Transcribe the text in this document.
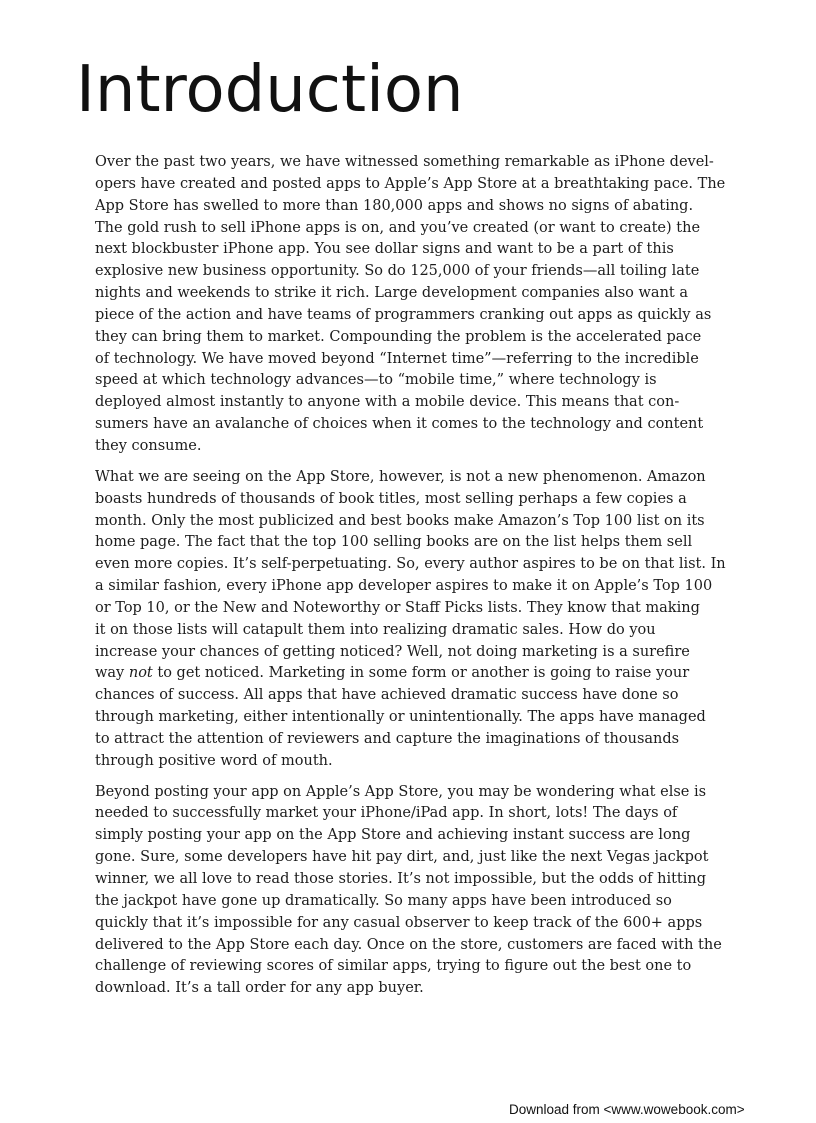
Introduction

Over the past two years, we have witnessed something remarkable as iPhone devel-
opers have created and posted apps to Apple’s App Store at a breathtaking pace. The
App Store has swelled to more than 180,000 apps and shows no signs of abating.
The gold rush to sell iPhone apps is on, and you’ve created (or want to create) the
next blockbuster iPhone app. You see dollar signs and want to be a part of this
explosive new business opportunity. So do 125,000 of your friends—all toiling late
nights and weekends to strike it rich. Large development companies also want a
piece of the action and have teams of programmers cranking out apps as quickly as
they can bring them to market. Compounding the problem is the accelerated pace
of technology. We have moved beyond “Internet time”—referring to the incredible
speed at which technology advances—to “mobile time,” where technology is
deployed almost instantly to anyone with a mobile device. This means that con-
sumers have an avalanche of choices when it comes to the technology and content
they consume.

What we are seeing on the App Store, however, is not a new phenomenon. Amazon
boasts hundreds of thousands of book titles, most selling perhaps a few copies a
month. Only the most publicized and best books make Amazon’s Top 100 list on its
home page. The fact that the top 100 selling books are on the list helps them sell
even more copies. It’s self-perpetuating. So, every author aspires to be on that list. In
a similar fashion, every iPhone app developer aspires to make it on Apple’s Top 100
or Top 10, or the New and Noteworthy or Staff Picks lists. They know that making
it on those lists will catapult them into realizing dramatic sales. How do you
increase your chances of getting noticed? Well, not doing marketing is a surefire
way not to get noticed. Marketing in some form or another is going to raise your
chances of success. All apps that have achieved dramatic success have done so
through marketing, either intentionally or unintentionally. The apps have managed
to attract the attention of reviewers and capture the imaginations of thousands
through positive word of mouth.

Beyond posting your app on Apple’s App Store, you may be wondering what else is
needed to successfully market your iPhone/iPad app. In short, lots! The days of
simply posting your app on the App Store and achieving instant success are long
gone. Sure, some developers have hit pay dirt, and, just like the next Vegas jackpot
winner, we all love to read those stories. It’s not impossible, but the odds of hitting
the jackpot have gone up dramatically. So many apps have been introduced so
quickly that it’s impossible for any casual observer to keep track of the 600+ apps
delivered to the App Store each day. Once on the store, customers are faced with the
challenge of reviewing scores of similar apps, trying to figure out the best one to
download. It’s a tall order for any app buyer.

Download from <www.wowebook.com>
